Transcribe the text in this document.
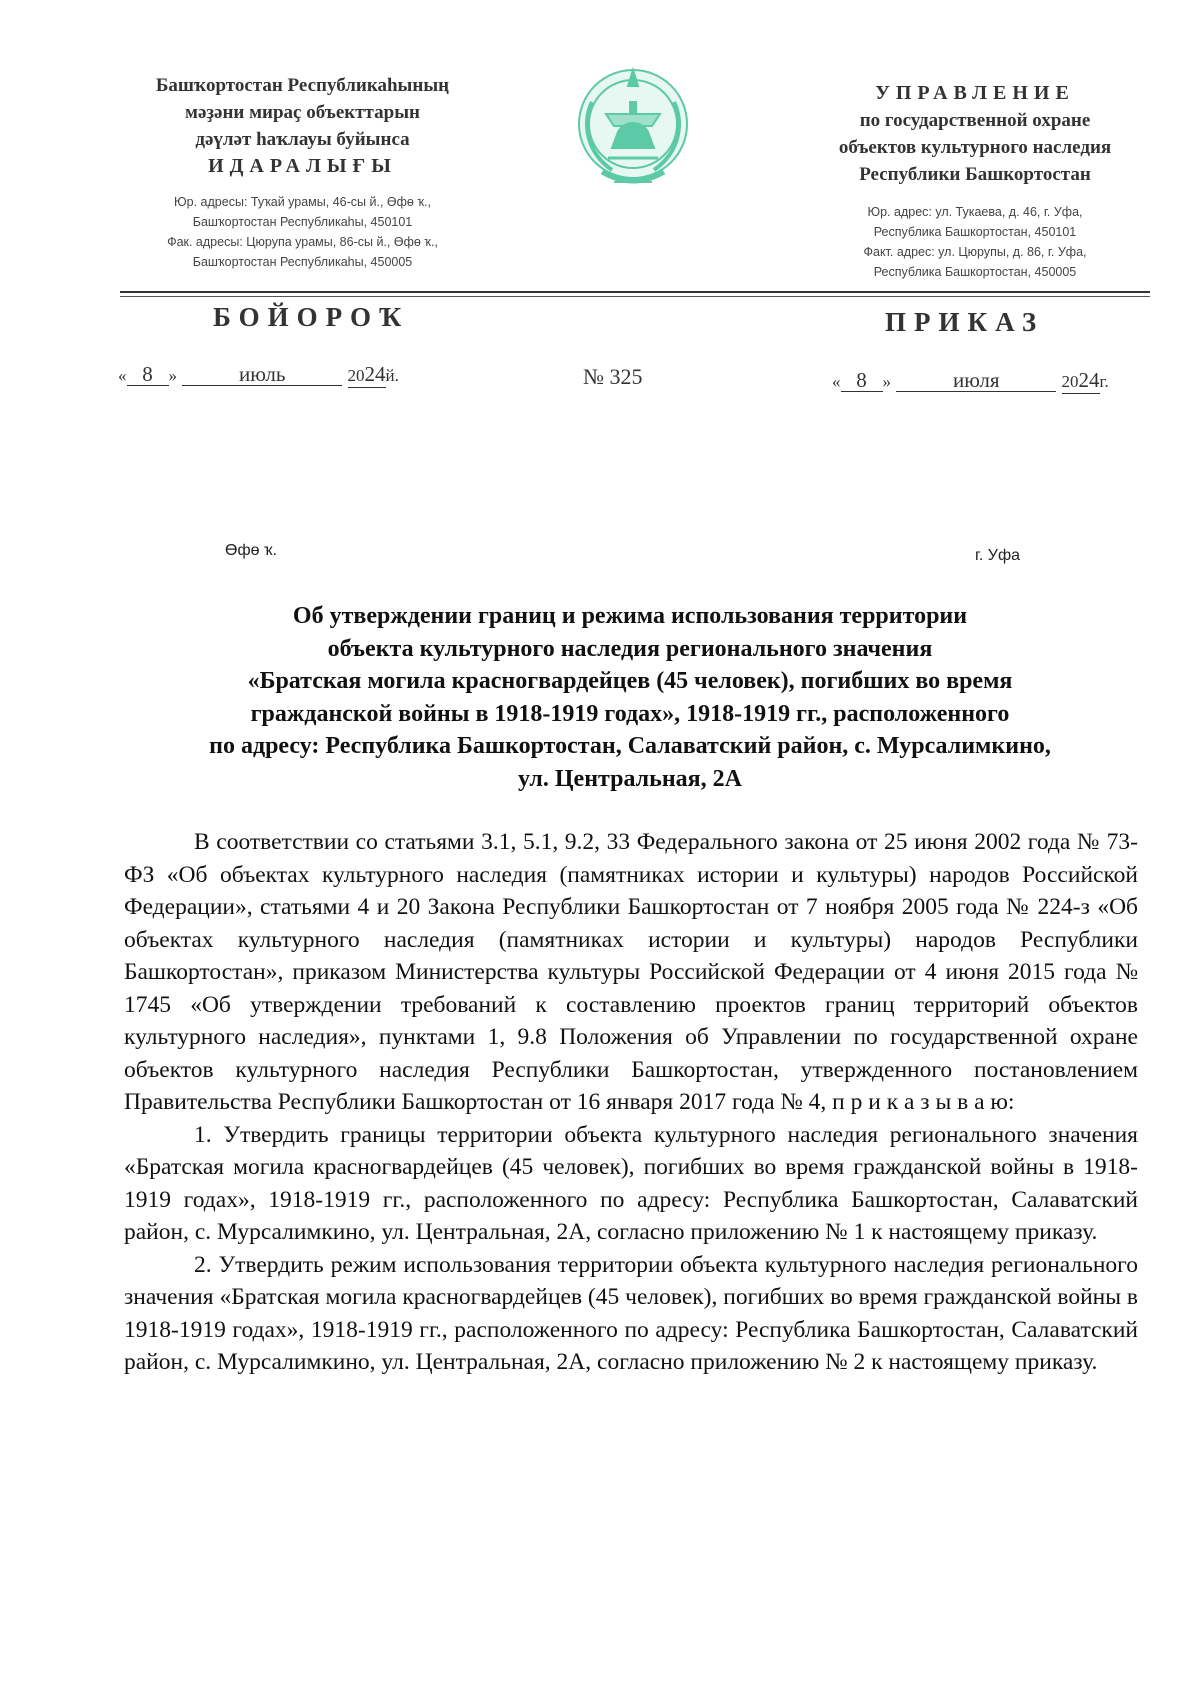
Башҡортостан Республикаһының
мәҙәни мираҫ объекттарын
дәүләт һаҡлауы буйынса
ИДАРАЛЫҒЫ
Юр. адресы: Туҡай урамы, 46-сы й., Өфө ҡ.,
Башҡортостан Республикаһы, 450101
Фак. адресы: Цюрупа урамы, 86-сы й., Өфө ҡ.,
Башҡортостан Республикаһы, 450005
УПРАВЛЕНИЕ
по государственной охране
объектов культурного наследия
Республики Башкортостан
Юр. адрес: ул. Тукаева, д. 46, г. Уфа,
Республика Башкортостан, 450101
Факт. адрес: ул. Цюрупы, д. 86, г. Уфа,
Республика Башкортостан, 450005
БОЙОРОҠ	ПРИКАЗ
« 8 »	июль	2024й.	№ 325	« 8 »	июля	2024г.
Өфө ҡ.	г. Уфа
Об утверждении границ и режима использования территории
объекта культурного наследия регионального значения
«Братская могила красногвардейцев (45 человек), погибших во время
гражданской войны в 1918-1919 годах», 1918-1919 гг., расположенного
по адресу: Республика Башкортостан, Салаватский район, с. Мурсалимкино,
ул. Центральная, 2А

В соответствии со статьями 3.1, 5.1, 9.2, 33 Федерального закона от 25 июня 2002 года № 73-ФЗ «Об объектах культурного наследия (памятниках истории и культуры) народов Российской Федерации», статьями 4 и 20 Закона Республики Башкортостан от 7 ноября 2005 года № 224-з «Об объектах культурного наследия (памятниках истории и культуры) народов Республики Башкортостан», приказом Министерства культуры Российской Федерации от 4 июня 2015 года № 1745 «Об утверждении требований к составлению проектов границ территорий объектов культурного наследия», пунктами 1, 9.8 Положения об Управлении по государственной охране объектов культурного наследия Республики Башкортостан, утвержденного постановлением Правительства Республики Башкортостан от 16 января 2017 года № 4, п р и к а з ы в а ю:

1. Утвердить границы территории объекта культурного наследия регионального значения «Братская могила красногвардейцев (45 человек), погибших во время гражданской войны в 1918-1919 годах», 1918-1919 гг., расположенного по адресу: Республика Башкортостан, Салаватский район, с. Мурсалимкино, ул. Центральная, 2А, согласно приложению № 1 к настоящему приказу.

2. Утвердить режим использования территории объекта культурного наследия регионального значения «Братская могила красногвардейцев (45 человек), погибших во время гражданской войны в 1918-1919 годах», 1918-1919 гг., расположенного по адресу: Республика Башкортостан, Салаватский район, с. Мурсалимкино, ул. Центральная, 2А, согласно приложению № 2 к настоящему приказу.
